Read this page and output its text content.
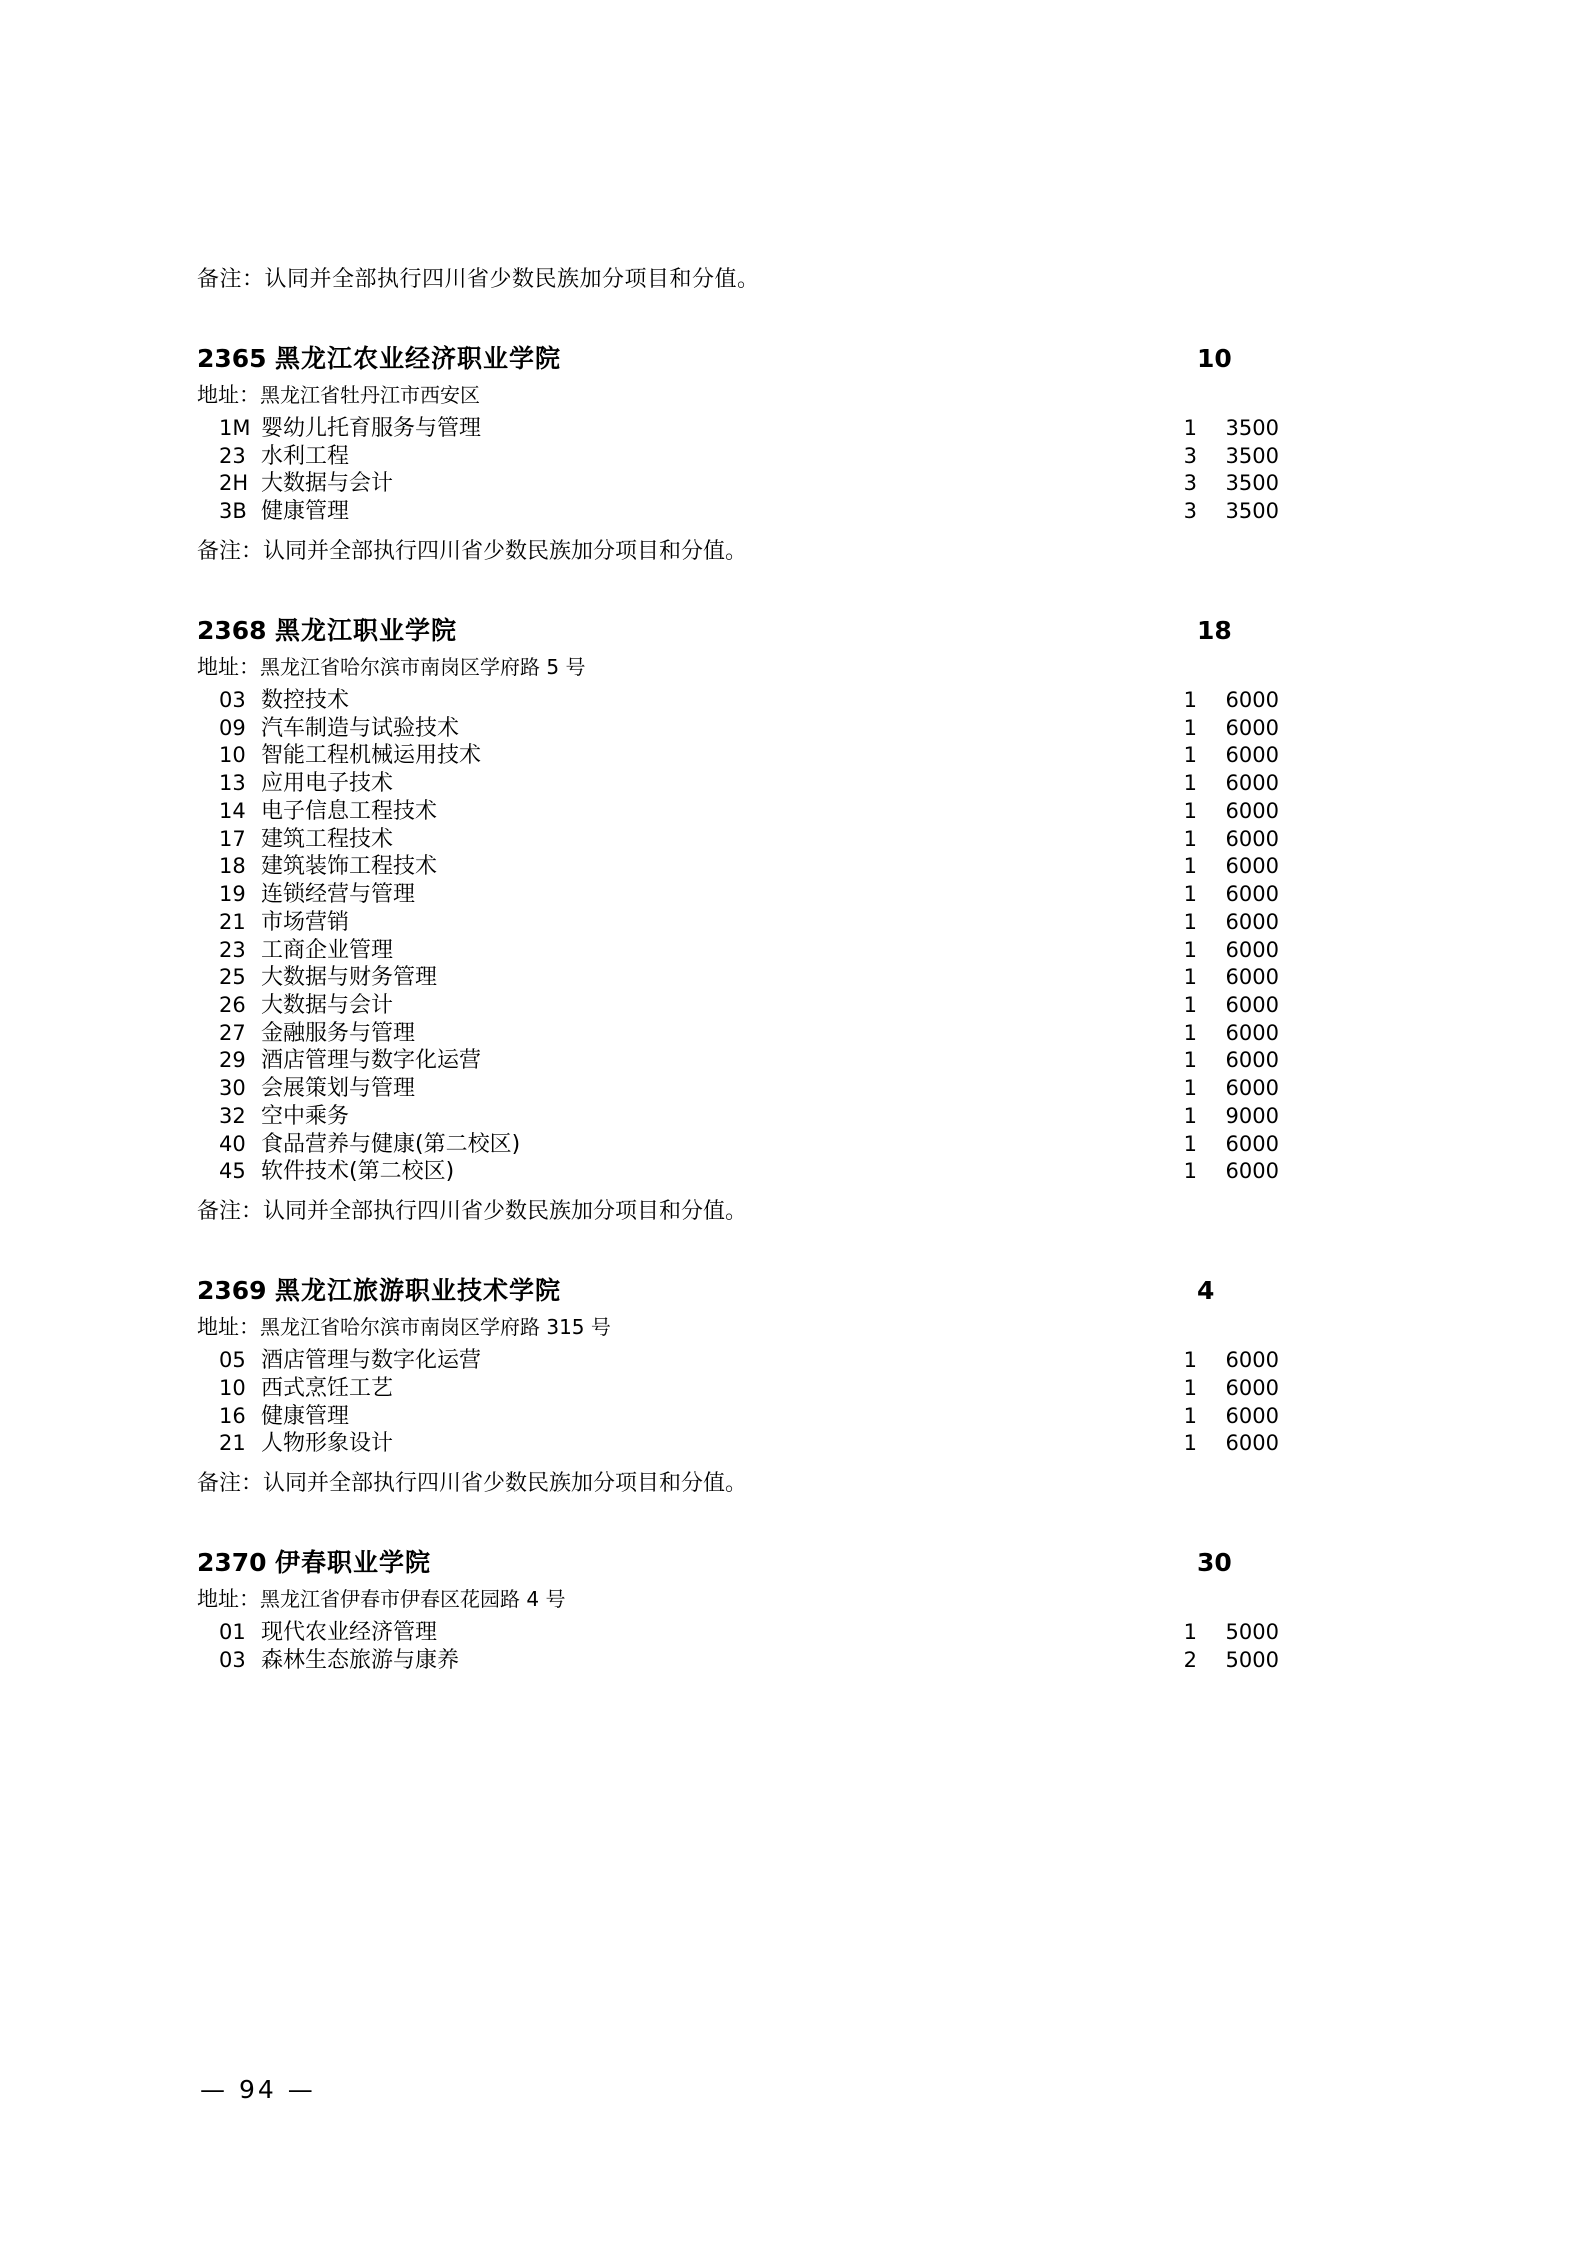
备注：认同并全部执行四川省少数民族加分项目和分值。
2365 黑龙江农业经济职业学院	10
地址：黑龙江省牡丹江市西安区
1M 婴幼儿托育服务与管理	1	3500
23 水利工程	3	3500
2H 大数据与会计	3	3500
3B 健康管理	3	3500
备注：认同并全部执行四川省少数民族加分项目和分值。
2368 黑龙江职业学院	18
地址：黑龙江省哈尔滨市南岗区学府路 5 号
03 数控技术	1	6000
09 汽车制造与试验技术	1	6000
10 智能工程机械运用技术	1	6000
13 应用电子技术	1	6000
14 电子信息工程技术	1	6000
17 建筑工程技术	1	6000
18 建筑装饰工程技术	1	6000
19 连锁经营与管理	1	6000
21 市场营销	1	6000
23 工商企业管理	1	6000
25 大数据与财务管理	1	6000
26 大数据与会计	1	6000
27 金融服务与管理	1	6000
29 酒店管理与数字化运营	1	6000
30 会展策划与管理	1	6000
32 空中乘务	1	9000
40 食品营养与健康(第二校区)	1	6000
45 软件技术(第二校区)	1	6000
备注：认同并全部执行四川省少数民族加分项目和分值。
2369 黑龙江旅游职业技术学院	4
地址：黑龙江省哈尔滨市南岗区学府路 315 号
05 酒店管理与数字化运营	1	6000
10 西式烹饪工艺	1	6000
16 健康管理	1	6000
21 人物形象设计	1	6000
备注：认同并全部执行四川省少数民族加分项目和分值。
2370 伊春职业学院	30
地址：黑龙江省伊春市伊春区花园路 4 号
01 现代农业经济管理	1	5000
03 森林生态旅游与康养	2	5000
— 94 —
